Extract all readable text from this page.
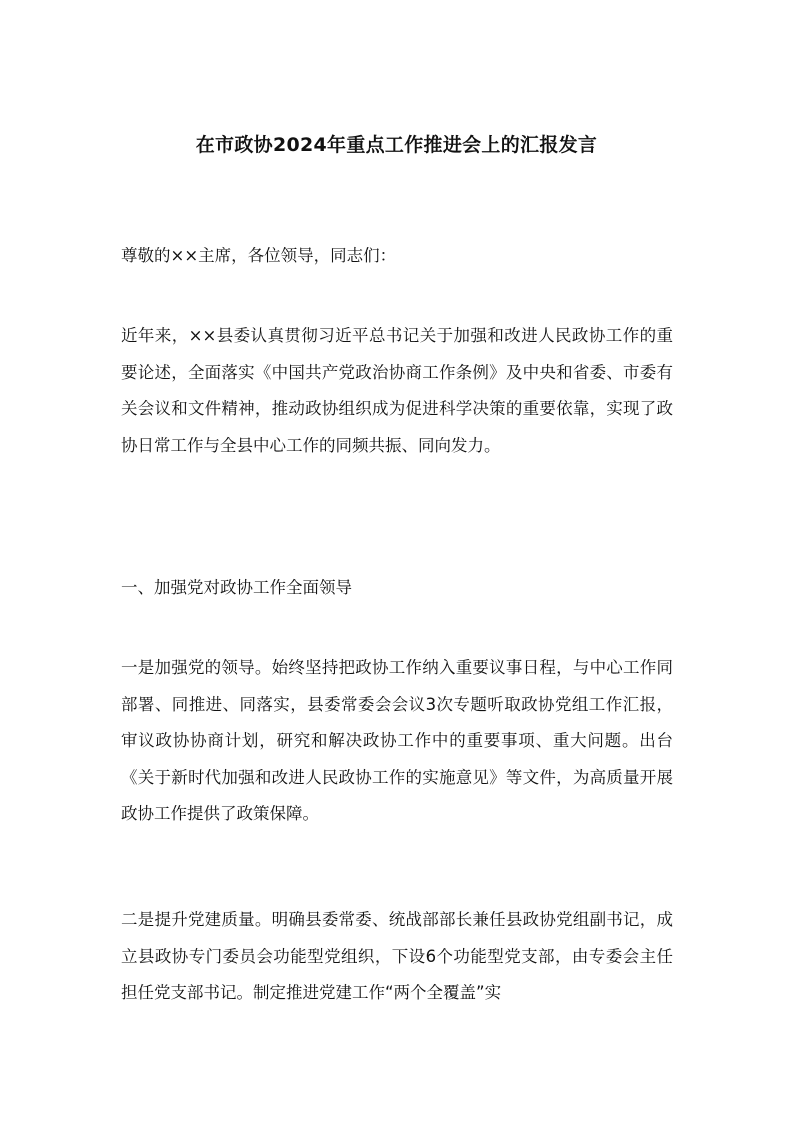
在市政协2024年重点工作推进会上的汇报发言

尊敬的××主席，各位领导，同志们：

近年来，××县委认真贯彻习近平总书记关于加强和改进人民政协工作的重要论述，全面落实《中国共产党政治协商工作条例》及中央和省委、市委有关会议和文件精神，推动政协组织成为促进科学决策的重要依靠，实现了政协日常工作与全县中心工作的同频共振、同向发力。

一、加强党对政协工作全面领导

一是加强党的领导。始终坚持把政协工作纳入重要议事日程，与中心工作同部署、同推进、同落实，县委常委会会议3次专题听取政协党组工作汇报，审议政协协商计划，研究和解决政协工作中的重要事项、重大问题。出台《关于新时代加强和改进人民政协工作的实施意见》等文件，为高质量开展政协工作提供了政策保障。

二是提升党建质量。明确县委常委、统战部部长兼任县政协党组副书记，成立县政协专门委员会功能型党组织，下设6个功能型党支部，由专委会主任担任党支部书记。制定推进党建工作“两个全覆盖”实
